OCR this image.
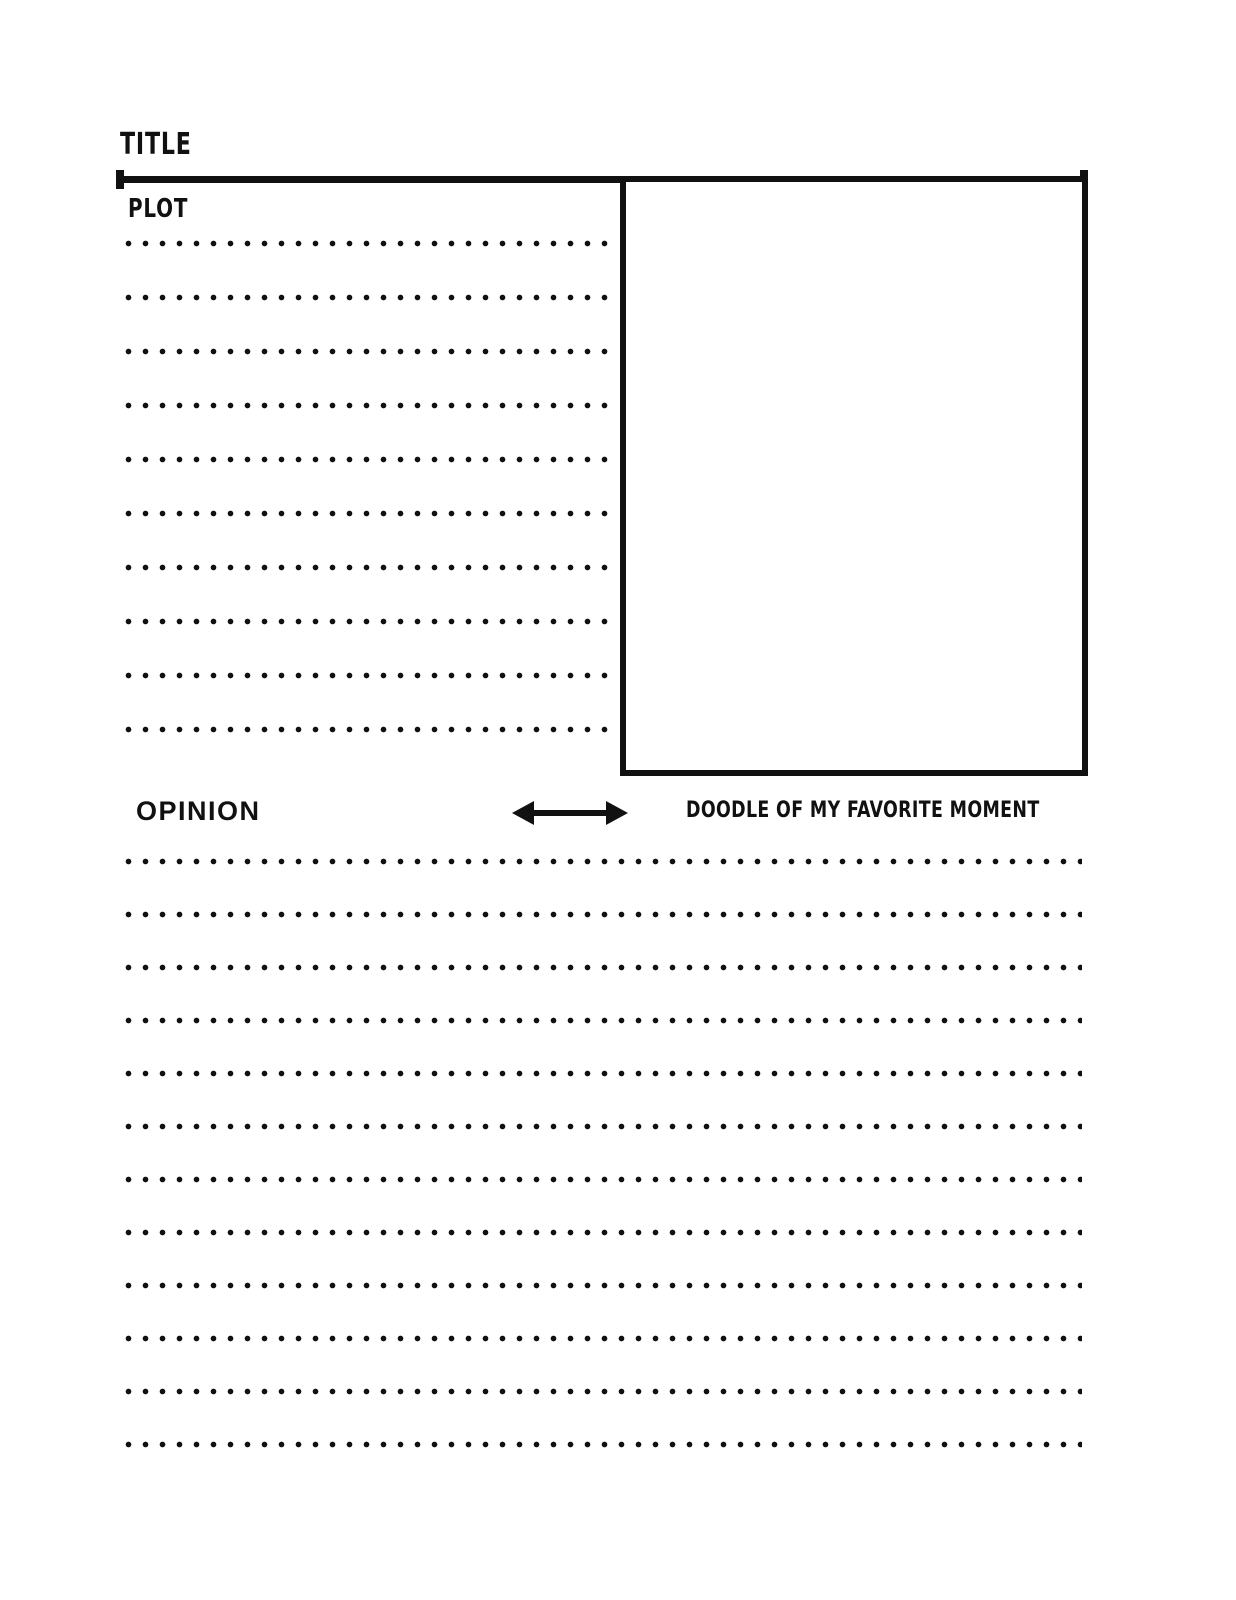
TITLE
PLOT
OPINION	DOODLE OF MY FAVORITE MOMENT
